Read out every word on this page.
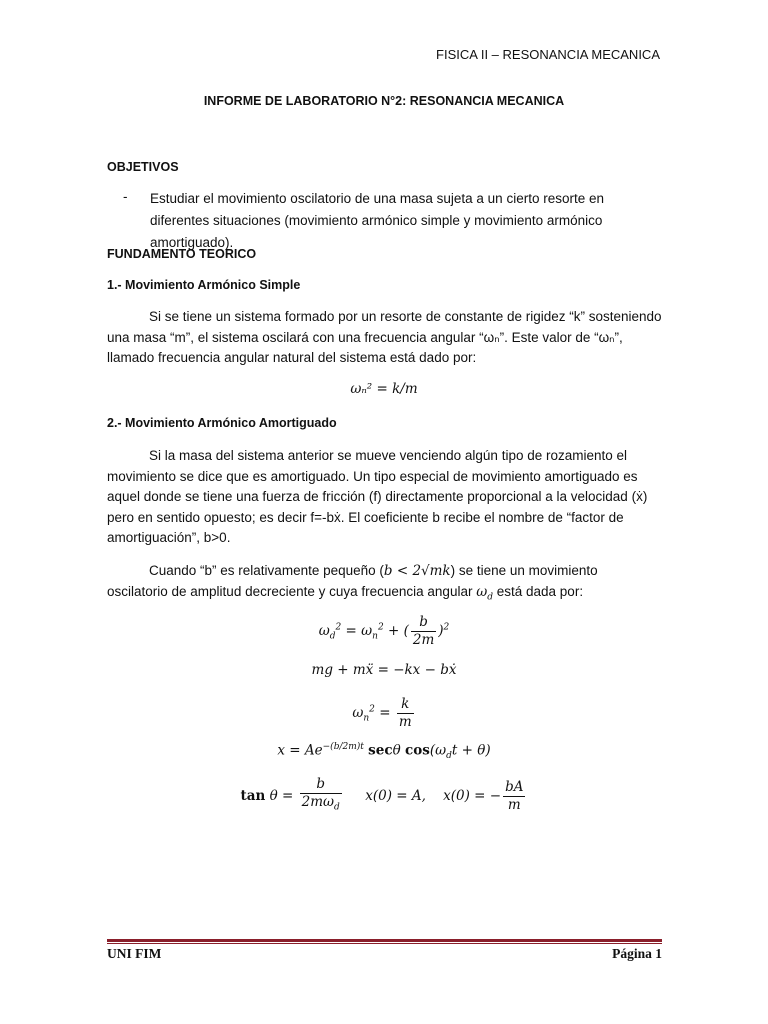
FISICA II – RESONANCIA MECANICA
INFORME DE LABORATORIO N°2: RESONANCIA MECANICA
OBJETIVOS
- Estudiar el movimiento oscilatorio de una masa sujeta a un cierto resorte en diferentes situaciones (movimiento armónico simple y movimiento armónico amortiguado).
FUNDAMENTO TEORICO
1.- Movimiento Armónico Simple
Si se tiene un sistema formado por un resorte de constante de rigidez “k” sosteniendo una masa “m”, el sistema oscilará con una frecuencia angular “ωₙ”. Este valor de “ωₙ”, llamado frecuencia angular natural del sistema está dado por:
ωₙ² = k/m
2.- Movimiento Armónico Amortiguado
Si la masa del sistema anterior se mueve venciendo algún tipo de rozamiento el movimiento se dice que es amortiguado. Un tipo especial de movimiento amortiguado es aquel donde se tiene una fuerza de fricción (f) directamente proporcional a la velocidad (ẋ) pero en sentido opuesto; es decir f=-bẋ. El coeficiente b recibe el nombre de “factor de amortiguación”, b>0.
Cuando “b” es relativamente pequeño (b < 2√mk) se tiene un movimiento oscilatorio de amplitud decreciente y cuya frecuencia angular $\omega_d$ está dada por:
$\omega_d^2 = \omega_n^2$ + ( $\frac{b}{2m} )^2$
mg + mẍ = −kx − bẋ
$\omega_n^2 = \frac{k}{m}$
$x = Ae^{-(b/2m)t}$ secθ $\cos(\omega_dt + \theta)$
$\tan \theta = \frac{b}{2m\omega_d} x(0) = A$, x(0) = − $\frac{bA}{m}$
UNI FIM	Página 1
